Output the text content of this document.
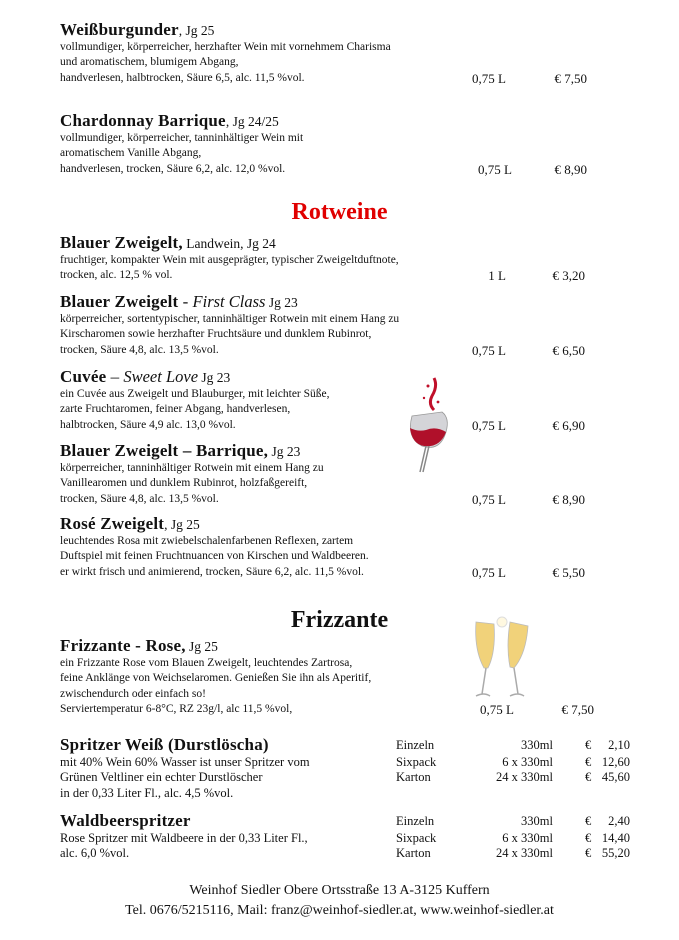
Rotweine
Frizzante
Weißburgunder, Jg 25
vollmundiger, körperreicher, herzhafter Wein mit vornehmem Charisma
und aromatischem, blumigem Abgang,
handverlesen, halbtrocken, Säure 6,5, alc. 11,5 %vol.	0,75 L	€ 7,50
Chardonnay Barrique, Jg 24/25
vollmundiger, körperreicher, tanninhältiger Wein mit
aromatischem Vanille Abgang,
handverlesen, trocken, Säure 6,2, alc. 12,0 %vol.	0,75 L	€ 8,90
Blauer Zweigelt, Landwein, Jg 24
fruchtiger, kompakter Wein mit ausgeprägter, typischer Zweigeltduftnote,
trocken, alc. 12,5 % vol.	1 L	€ 3,20
Blauer Zweigelt - First Class Jg 23
körperreicher, sortentypischer, tanninhältiger Rotwein mit einem Hang zu
Kirscharomen sowie herzhafter Fruchtsäure und dunklem Rubinrot,
trocken, Säure 4,8, alc. 13,5 %vol.	0,75 L	€ 6,50
Cuvée – Sweet Love Jg 23
ein Cuvée aus Zweigelt und Blauburger, mit leichter Süße,
zarte Fruchtaromen, feiner Abgang, handverlesen,
halbtrocken, Säure 4,9 alc. 13,0 %vol.	0,75 L	€ 6,90
Blauer Zweigelt – Barrique, Jg 23
körperreicher, tanninhältiger Rotwein mit einem Hang zu
Vanillearomen und dunklem Rubinrot, holzfaßgereift,
trocken, Säure 4,8, alc. 13,5 %vol.	0,75 L	€ 8,90
Rosé Zweigelt, Jg 25
leuchtendes Rosa mit zwiebelschalenfarbenen Reflexen, zartem
Duftspiel mit feinen Fruchtnuancen von Kirschen und Waldbeeren.
er wirkt frisch und animierend, trocken, Säure 6,2, alc. 11,5 %vol.	0,75 L	€ 5,50
Frizzante - Rose, Jg 25
ein Frizzante Rose vom Blauen Zweigelt, leuchtendes Zartrosa,
feine Anklänge von Weichselaromen. Genießen Sie ihn als Aperitif,
zwischendurch oder einfach so!
Serviertemperatur 6-8°C, RZ 23g/l, alc 11,5 %vol,	0,75 L	€ 7,50
Spritzer Weiß (Durstlöscha)
mit 40% Wein 60% Wasser ist unser Spritzer vom
Grünen Veltliner ein echter Durstlöscher
in der 0,33 Liter Fl., alc. 4,5 %vol.
Einzeln	330ml	€ 2,10
Sixpack	6 x 330ml	€ 12,60
Karton	24 x 330ml	€ 45,60
Waldbeerspritzer
Rose Spritzer mit Waldbeere in der 0,33 Liter Fl.,
alc. 6,0 %vol.
Einzeln	330ml	€ 2,40
Sixpack	6 x 330ml	€ 14,40
Karton	24 x 330ml	€ 55,20
Weinhof Siedler Obere Ortsstraße 13 A-3125 Kuffern
Tel. 0676/5215116, Mail: franz@weinhof-siedler.at, www.weinhof-siedler.at
